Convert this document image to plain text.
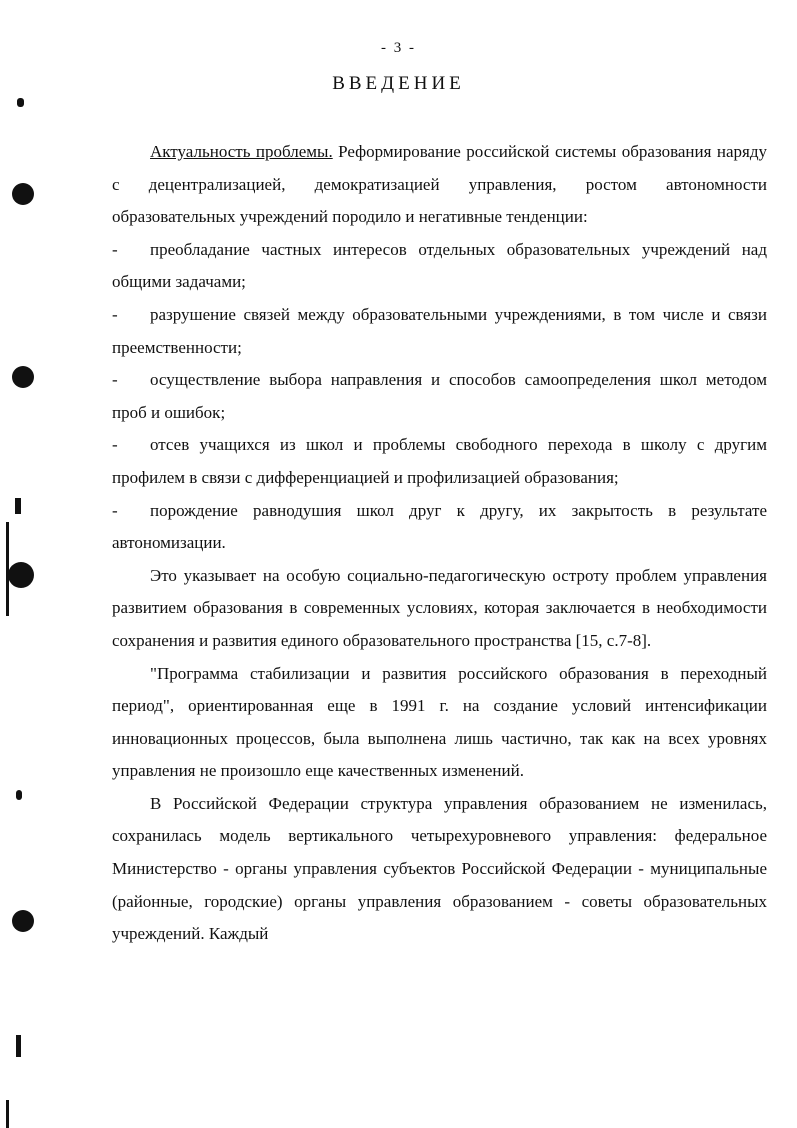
- 3 -
ВВЕДЕНИЕ

Актуальность проблемы. Реформирование российской системы образования наряду с децентрализацией, демократизацией управления, ростом автономности образовательных учреждений породило и негативные тенденции:

- преобладание частных интересов отдельных образовательных учреждений над общими задачами;

- разрушение связей между образовательными учреждениями, в том числе и связи преемственности;

- осуществление выбора направления и способов самоопределения школ методом проб и ошибок;

- отсев учащихся из школ и проблемы свободного перехода в школу с другим профилем в связи с дифференциацией и профилизацией образования;

- порождение равнодушия школ друг к другу, их закрытость в результате автономизации.

Это указывает на особую социально-педагогическую остроту проблем управления развитием образования в современных условиях, которая заключается в необходимости сохранения и развития единого образовательного пространства [15, с.7-8].

"Программа стабилизации и развития российского образования в переходный период", ориентированная еще в 1991 г. на создание условий интенсификации инновационных процессов, была выполнена лишь частично, так как на всех уровнях управления не произошло еще качественных изменений.

В Российской Федерации структура управления образованием не изменилась, сохранилась модель вертикального четырехуровневого управления: федеральное Министерство - органы управления субъектов Российской Федерации - муниципальные (районные, городские) органы управления образованием - советы образовательных учреждений. Каждый
